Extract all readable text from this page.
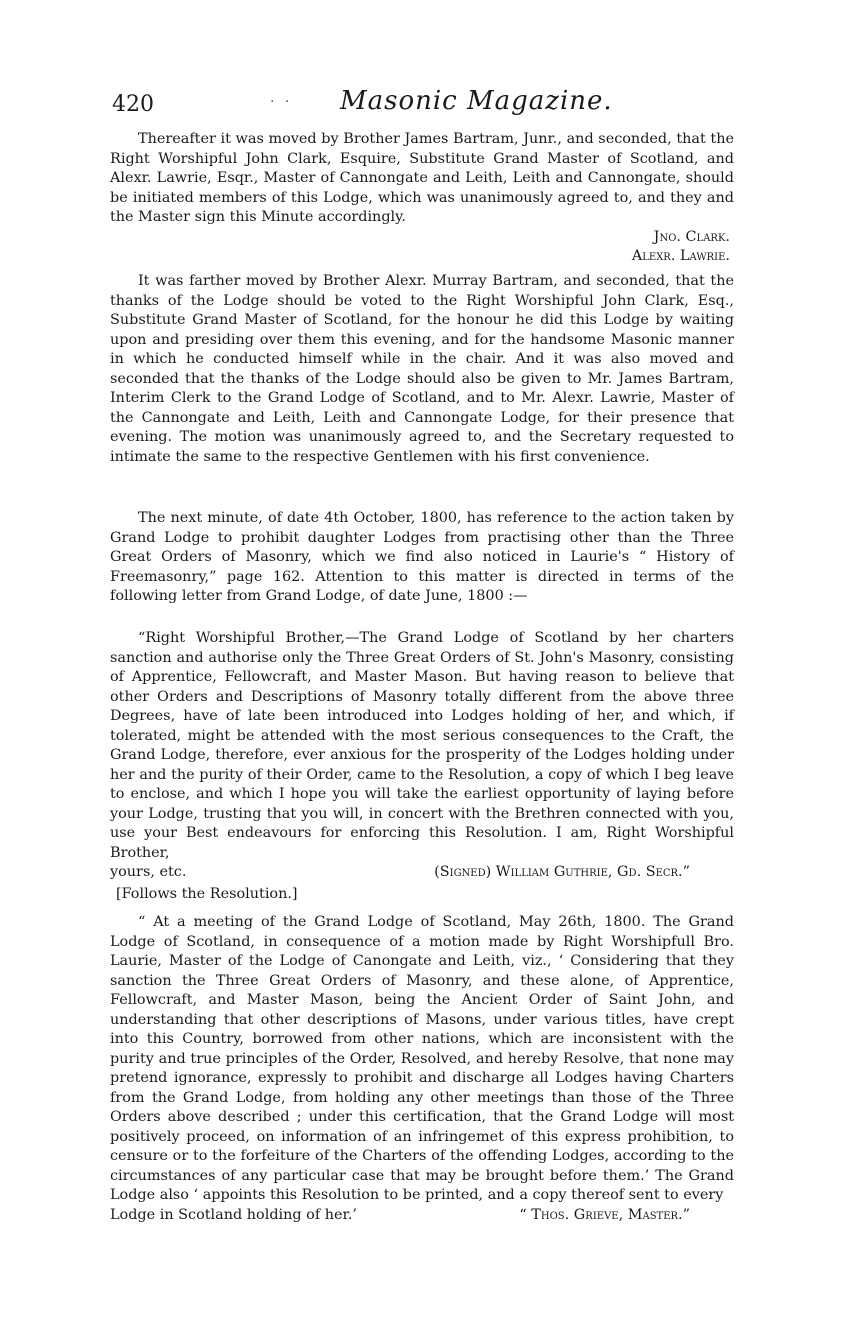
420	. . Masonic Magazine.

Thereafter it was moved by Brother James Bartram, Junr., and seconded, that the Right Worshipful John Clark, Esquire, Substitute Grand Master of Scotland, and Alexr. Lawrie, Esqr., Master of Cannongate and Leith, Leith and Cannongate, should be initiated members of this Lodge, which was unanimously agreed to, and they and the Master sign this Minute accordingly.

Jno. Clark.
Alexr. Lawrie.

It was farther moved by Brother Alexr. Murray Bartram, and seconded, that the thanks of the Lodge should be voted to the Right Worshipful John Clark, Esq., Substitute Grand Master of Scotland, for the honour he did this Lodge by waiting upon and presiding over them this evening, and for the handsome Masonic manner in which he conducted himself while in the chair. And it was also moved and seconded that the thanks of the Lodge should also be given to Mr. James Bartram, Interim Clerk to the Grand Lodge of Scotland, and to Mr. Alexr. Lawrie, Master of the Cannongate and Leith, Leith and Cannongate Lodge, for their presence that evening. The motion was unanimously agreed to, and the Secretary requested to intimate the same to the respective Gentlemen with his first convenience.

The next minute, of date 4th October, 1800, has reference to the action taken by Grand Lodge to prohibit daughter Lodges from practising other than the Three Great Orders of Masonry, which we find also noticed in Laurie's “ History of Freemasonry,” page 162. Attention to this matter is directed in terms of the following letter from Grand Lodge, of date June, 1800 :—

“Right Worshipful Brother,—The Grand Lodge of Scotland by her charters sanction and authorise only the Three Great Orders of St. John's Masonry, consisting of Apprentice, Fellowcraft, and Master Mason. But having reason to believe that other Orders and Descriptions of Masonry totally different from the above three Degrees, have of late been introduced into Lodges holding of her, and which, if tolerated, might be attended with the most serious consequences to the Craft, the Grand Lodge, therefore, ever anxious for the prosperity of the Lodges holding under her and the purity of their Order, came to the Resolution, a copy of which I beg leave to enclose, and which I hope you will take the earliest opportunity of laying before your Lodge, trusting that you will, in concert with the Brethren connected with you, use your Best endeavours for enforcing this Resolution. I am, Right Worshipful Brother,

yours, etc.	(Signed) William Guthrie, Gd. Secr.”
[Follows the Resolution.]

“ At a meeting of the Grand Lodge of Scotland, May 26th, 1800. The Grand Lodge of Scotland, in consequence of a motion made by Right Worshipfull Bro. Laurie, Master of the Lodge of Canongate and Leith, viz., ‘ Considering that they sanction the Three Great Orders of Masonry, and these alone, of Apprentice, Fellowcraft, and Master Mason, being the Ancient Order of Saint John, and understanding that other descriptions of Masons, under various titles, have crept into this Country, borrowed from other nations, which are inconsistent with the purity and true principles of the Order, Resolved, and hereby Resolve, that none may pretend ignorance, expressly to prohibit and discharge all Lodges having Charters from the Grand Lodge, from holding any other meetings than those of the Three Orders above described ; under this certification, that the Grand Lodge will most positively proceed, on information of an infringemet of this express prohibition, to censure or to the forfeiture of the Charters of the offending Lodges, according to the circumstances of any particular case that may be brought before them.’ The Grand Lodge also ‘ appoints this Resolution to be printed, and a copy thereof sent to every

Lodge in Scotland holding of her.’	“ Thos. Grieve, Master.”
